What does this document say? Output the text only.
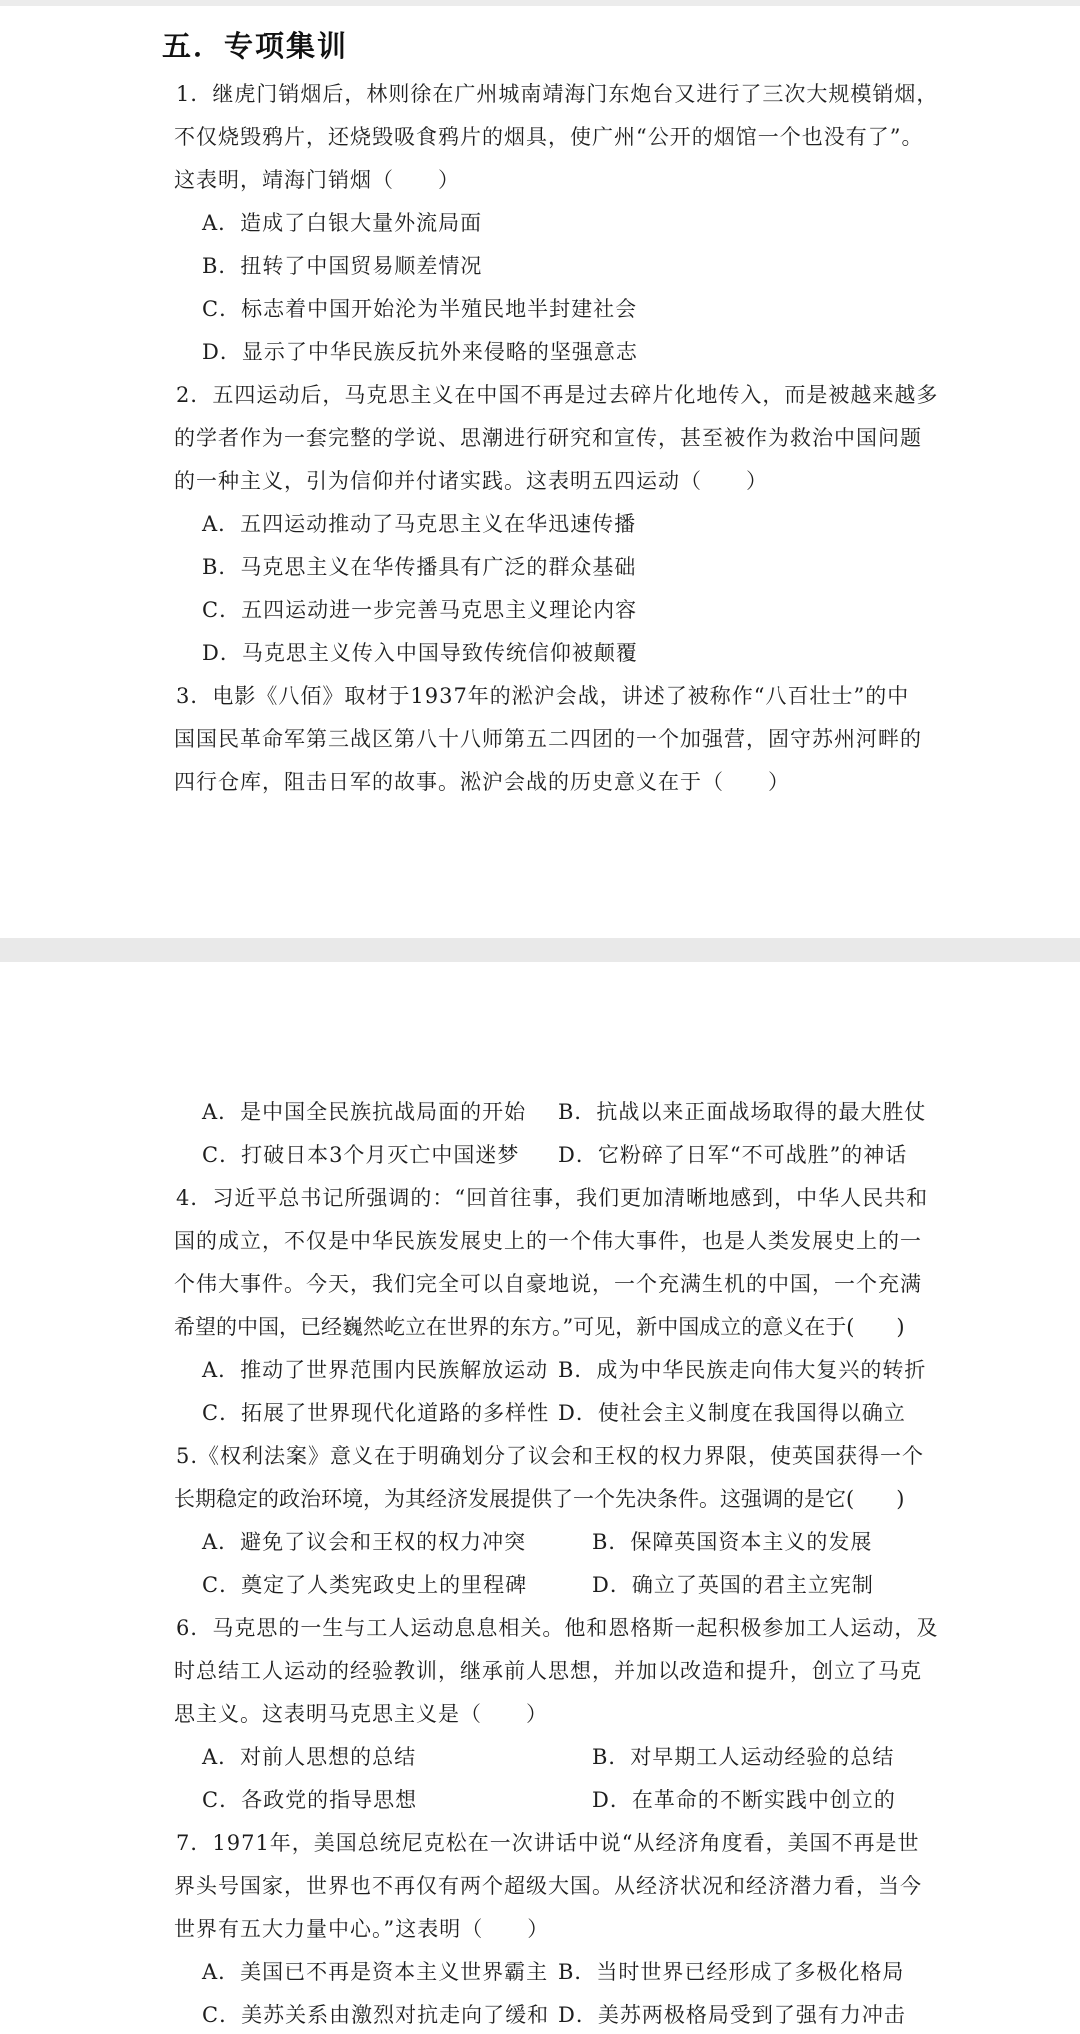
五．专项集训
1．继虎门销烟后，林则徐在广州城南靖海门东炮台又进行了三次大规模销烟，
不仅烧毁鸦片，还烧毁吸食鸦片的烟具，使广州“公开的烟馆一个也没有了”。
这表明，靖海门销烟（　　）
A．造成了白银大量外流局面
B．扭转了中国贸易顺差情况
C．标志着中国开始沦为半殖民地半封建社会
D．显示了中华民族反抗外来侵略的坚强意志
2．五四运动后，马克思主义在中国不再是过去碎片化地传入，而是被越来越多
的学者作为一套完整的学说、思潮进行研究和宣传，甚至被作为救治中国问题
的一种主义，引为信仰并付诸实践。这表明五四运动（　　）
A．五四运动推动了马克思主义在华迅速传播
B．马克思主义在华传播具有广泛的群众基础
C．五四运动进一步完善马克思主义理论内容
D．马克思主义传入中国导致传统信仰被颠覆
3．电影《八佰》取材于1937年的淞沪会战，讲述了被称作“八百壮士”的中
国国民革命军第三战区第八十八师第五二四团的一个加强营，固守苏州河畔的
四行仓库，阻击日军的故事。淞沪会战的历史意义在于（　　）
A．是中国全民族抗战局面的开始 B．抗战以来正面战场取得的最大胜仗
C．打破日本3个月灭亡中国迷梦 D．它粉碎了日军“不可战胜”的神话
4．习近平总书记所强调的：“回首往事，我们更加清晰地感到，中华人民共和
国的成立，不仅是中华民族发展史上的一个伟大事件，也是人类发展史上的一
个伟大事件。今天，我们完全可以自豪地说，一个充满生机的中国，一个充满
希望的中国，已经巍然屹立在世界的东方。”可见，新中国成立的意义在于(　　)
A．推动了世界范围内民族解放运动 B．成为中华民族走向伟大复兴的转折
C．拓展了世界现代化道路的多样性 D．使社会主义制度在我国得以确立
5.《权利法案》意义在于明确划分了议会和王权的权力界限，使英国获得一个
长期稳定的政治环境，为其经济发展提供了一个先决条件。这强调的是它(　　)
A．避免了议会和王权的权力冲突	B．保障英国资本主义的发展
C．奠定了人类宪政史上的里程碑	D．确立了英国的君主立宪制
6．马克思的一生与工人运动息息相关。他和恩格斯一起积极参加工人运动，及
时总结工人运动的经验教训，继承前人思想，并加以改造和提升，创立了马克
思主义。这表明马克思主义是（　　）
A．对前人思想的总结	B．对早期工人运动经验的总结
C．各政党的指导思想	D．在革命的不断实践中创立的
7．1971年，美国总统尼克松在一次讲话中说“从经济角度看，美国不再是世
界头号国家，世界也不再仅有两个超级大国。从经济状况和经济潜力看，当今
世界有五大力量中心。”这表明（　　）
A．美国已不再是资本主义世界霸主 B．当时世界已经形成了多极化格局
C．美苏关系由激烈对抗走向了缓和 D．美苏两极格局受到了强有力冲击
